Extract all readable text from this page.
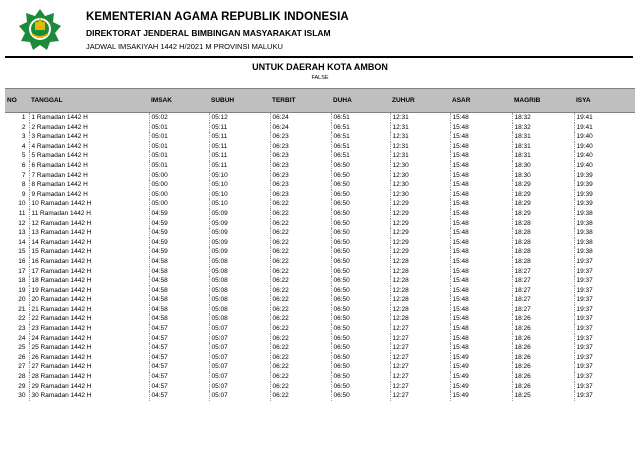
KEMENTERIAN AGAMA REPUBLIK INDONESIA
DIREKTORAT JENDERAL BIMBINGAN MASYARAKAT ISLAM
JADWAL IMSAKIYAH 1442 H/2021 M PROVINSI MALUKU
UNTUK DAERAH KOTA AMBON
FALSE
NO	TANGGAL	IMSAK	SUBUH	TERBIT	DUHA	ZUHUR	ASAR	MAGRIB	ISYA
1	1 Ramadan 1442 H	05:02	05:12	06:24	06:51	12:31	15:48	18:32	19:41
2	2 Ramadan 1442 H	05:01	05:11	06:24	06:51	12:31	15:48	18:32	19:41
3	3 Ramadan 1442 H	05:01	05:11	06:23	06:51	12:31	15:48	18:31	19:40
4	4 Ramadan 1442 H	05:01	05:11	06:23	06:51	12:31	15:48	18:31	19:40
5	5 Ramadan 1442 H	05:01	05:11	06:23	06:51	12:31	15:48	18:31	19:40
6	6 Ramadan 1442 H	05:01	05:11	06:23	06:50	12:30	15:48	18:30	19:40
7	7 Ramadan 1442 H	05:00	05:10	06:23	06:50	12:30	15:48	18:30	19:39
8	8 Ramadan 1442 H	05:00	05:10	06:23	06:50	12:30	15:48	18:29	19:39
9	9 Ramadan 1442 H	05:00	05:10	06:23	06:50	12:30	15:48	18:29	19:39
10	10 Ramadan 1442 H	05:00	05:10	06:22	06:50	12:29	15:48	18:29	19:39
11	11 Ramadan 1442 H	04:59	05:09	06:22	06:50	12:29	15:48	18:29	19:38
12	12 Ramadan 1442 H	04:59	05:09	06:22	06:50	12:29	15:48	18:28	19:38
13	13 Ramadan 1442 H	04:59	05:09	06:22	06:50	12:29	15:48	18:28	19:38
14	14 Ramadan 1442 H	04:59	05:09	06:22	06:50	12:29	15:48	18:28	19:38
15	15 Ramadan 1442 H	04:59	05:09	06:22	06:50	12:29	15:48	18:28	19:38
16	16 Ramadan 1442 H	04:58	05:08	06:22	06:50	12:28	15:48	18:28	19:37
17	17 Ramadan 1442 H	04:58	05:08	06:22	06:50	12:28	15:48	18:27	19:37
18	18 Ramadan 1442 H	04:58	05:08	06:22	06:50	12:28	15:48	18:27	19:37
19	19 Ramadan 1442 H	04:58	05:08	06:22	06:50	12:28	15:48	18:27	19:37
20	20 Ramadan 1442 H	04:58	05:08	06:22	06:50	12:28	15:48	18:27	19:37
21	21 Ramadan 1442 H	04:58	05:08	06:22	06:50	12:28	15:48	18:27	19:37
22	22 Ramadan 1442 H	04:58	05:08	06:22	06:50	12:28	15:48	18:26	19:37
23	23 Ramadan 1442 H	04:57	05:07	06:22	06:50	12:27	15:48	18:26	19:37
24	24 Ramadan 1442 H	04:57	05:07	06:22	06:50	12:27	15:48	18:26	19:37
25	25 Ramadan 1442 H	04:57	05:07	06:22	06:50	12:27	15:48	18:26	19:37
26	26 Ramadan 1442 H	04:57	05:07	06:22	06:50	12:27	15:49	18:26	19:37
27	27 Ramadan 1442 H	04:57	05:07	06:22	06:50	12:27	15:49	18:26	19:37
28	28 Ramadan 1442 H	04:57	05:07	06:22	06:50	12:27	15:49	18:26	19:37
29	29 Ramadan 1442 H	04:57	05:07	06:22	06:50	12:27	15:49	18:26	19:37
30	30 Ramadan 1442 H	04:57	05:07	06:22	06:50	12:27	15:49	18:25	19:37
